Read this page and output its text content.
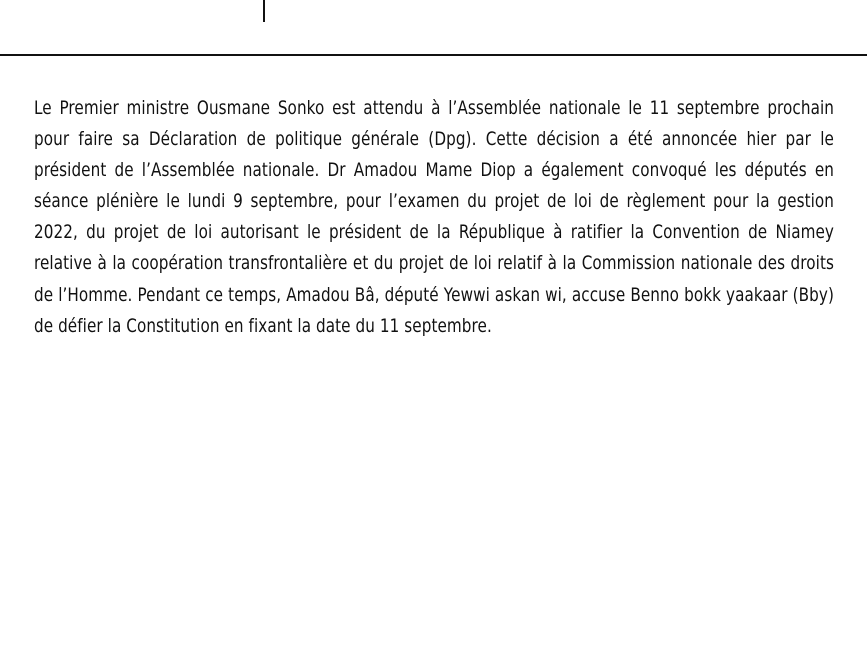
Le Premier ministre Ousmane Sonko est attendu à l’Assemblée nationale le 11 septembre prochain pour faire sa Déclaration de politique générale (Dpg). Cette décision a été annoncée hier par le président de l’Assemblée nationale. Dr Amadou Mame Diop a également convoqué les députés en séance plénière le lundi 9 septembre, pour l’examen du projet de loi de règlement pour la gestion 2022, du projet de loi autorisant le président de la République à ratifier la Convention de Niamey relative à la coopération transfrontalière et du projet de loi relatif à la Commission nationale des droits de l’Homme. Pendant ce temps, Amadou Bâ, député Yewwi askan wi, accuse Benno bokk yaakaar (Bby) de défier la Constitution en fixant la date du 11 septembre.
